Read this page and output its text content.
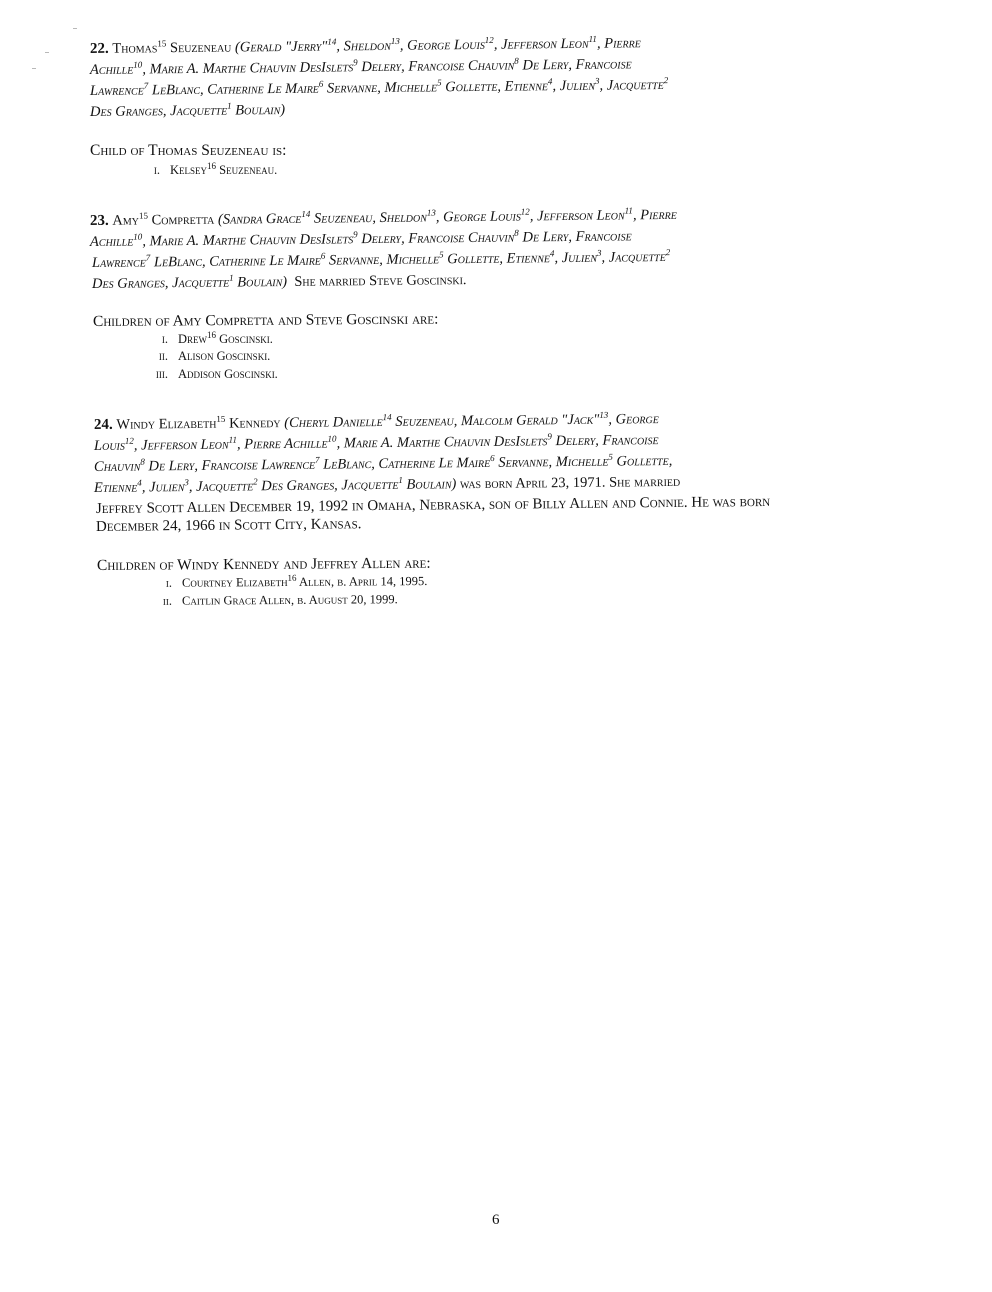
22. Thomas$^{15}$ Seuzeneau (Gerald "Jerry"$^{14}$, Sheldon$^{13}$, George Louis$^{12}$, Jefferson Leon$^{11}$, Pierre
Achille$^{10}$, Marie A. Marthe Chauvin DesIslets$^9$ Delery, Francoise Chauvin$^8$ De Lery, Francoise
Lawrence$^7$ LeBlanc, Catherine Le Maire$^6$ Servanne, Michelle$^5$ Gollette, Etienne$^4$, Julien$^3$, Jacquette$^2$
Des Granges, Jacquette$^1$ Boulain)
Child of Thomas Seuzeneau is:
i. Kelsey$^{16}$ Seuzeneau.
23. Amy$^{15}$ Compretta (Sandra Grace$^{14}$ Seuzeneau, Sheldon$^{13}$, George Louis$^{12}$, Jefferson Leon$^{11}$, Pierre
Achille$^{10}$, Marie A. Marthe Chauvin DesIslets$^9$ Delery, Francoise Chauvin$^8$ De Lery, Francoise
Lawrence$^7$ LeBlanc, Catherine Le Maire$^6$ Servanne, Michelle$^5$ Gollette, Etienne$^4$, Julien$^3$, Jacquette$^2$
Des Granges, Jacquette$^1$ Boulain) She married Steve Goscinski.
Children of Amy Compretta and Steve Goscinski are:
i. Drew$^{16}$ Goscinski.
ii. Alison Goscinski.
iii. Addison Goscinski.
24. Windy Elizabeth$^{15}$ Kennedy (Cheryl Danielle$^{14}$ Seuzeneau, Malcolm Gerald "Jack"$^{13}$, George
Louis$^{12}$, Jefferson Leon$^{11}$, Pierre Achille$^{10}$, Marie A. Marthe Chauvin DesIslets$^9$ Delery, Francoise
Chauvin$^8$ De Lery, Francoise Lawrence$^7$ LeBlanc, Catherine Le Maire$^6$ Servanne, Michelle$^5$ Gollette,
Etienne$^4$, Julien$^3$, Jacquette$^2$ Des Granges, Jacquette$^1$ Boulain) was born April 23, 1971. She married
Jeffrey Scott Allen December 19, 1992 in Omaha, Nebraska, son of Billy Allen and Connie. He was born
December 24, 1966 in Scott City, Kansas.
Children of Windy Kennedy and Jeffrey Allen are:
i. Courtney Elizabeth$^{16}$ Allen, b. April 14, 1995.
ii. Caitlin Grace Allen, b. August 20, 1999.
6
